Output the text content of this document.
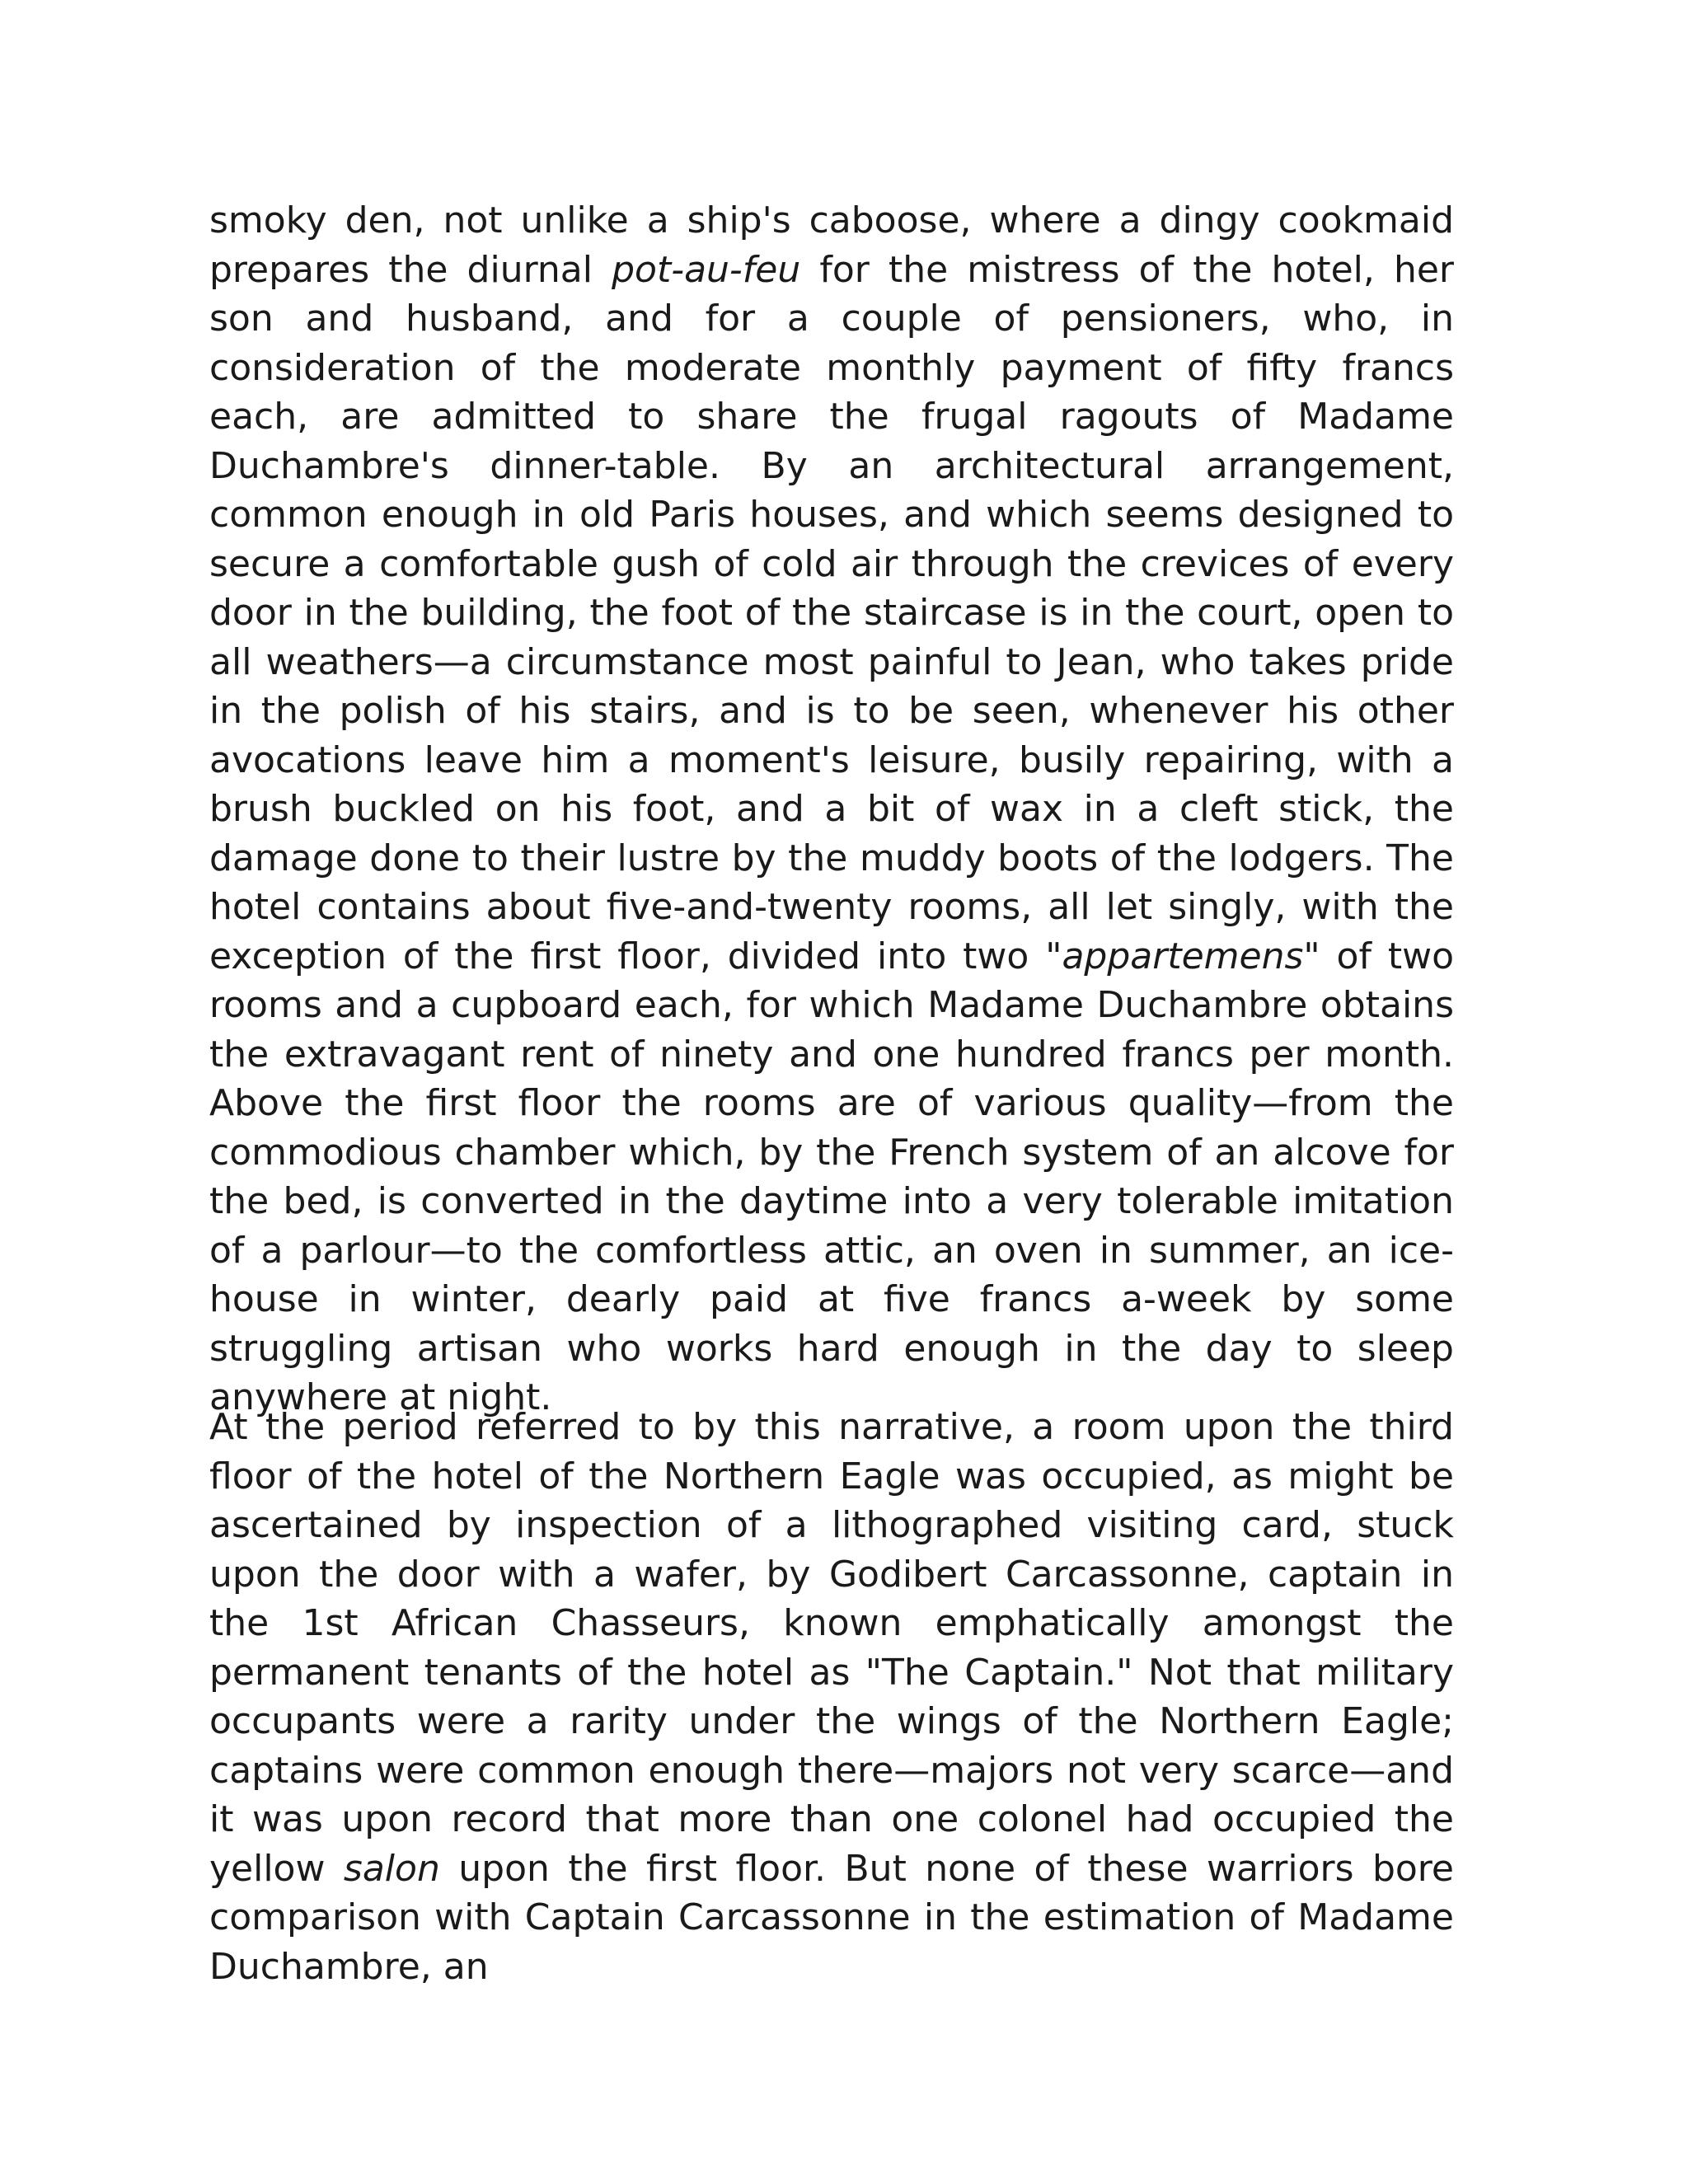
smoky den, not unlike a ship's caboose, where a dingy cookmaid prepares the diurnal pot-au-feu for the mistress of the hotel, her son and husband, and for a couple of pensioners, who, in consideration of the moderate monthly payment of fifty francs each, are admitted to share the frugal ragouts of Madame Duchambre's dinner-table. By an architectural arrangement, common enough in old Paris houses, and which seems designed to secure a comfortable gush of cold air through the crevices of every door in the building, the foot of the staircase is in the court, open to all weathers—a circumstance most painful to Jean, who takes pride in the polish of his stairs, and is to be seen, whenever his other avocations leave him a moment's leisure, busily repairing, with a brush buckled on his foot, and a bit of wax in a cleft stick, the damage done to their lustre by the muddy boots of the lodgers. The hotel contains about five-and-twenty rooms, all let singly, with the exception of the first floor, divided into two "appartemens" of two rooms and a cupboard each, for which Madame Duchambre obtains the extravagant rent of ninety and one hundred francs per month. Above the first floor the rooms are of various quality—from the commodious chamber which, by the French system of an alcove for the bed, is converted in the daytime into a very tolerable imitation of a parlour—to the comfortless attic, an oven in summer, an ice-house in winter, dearly paid at five francs a-week by some struggling artisan who works hard enough in the day to sleep anywhere at night.

At the period referred to by this narrative, a room upon the third floor of the hotel of the Northern Eagle was occupied, as might be ascertained by inspection of a lithographed visiting card, stuck upon the door with a wafer, by Godibert Carcassonne, captain in the 1st African Chasseurs, known emphatically amongst the permanent tenants of the hotel as "The Captain." Not that military occupants were a rarity under the wings of the Northern Eagle; captains were common enough there—majors not very scarce—and it was upon record that more than one colonel had occupied the yellow salon upon the first floor. But none of these warriors bore comparison with Captain Carcassonne in the estimation of Madame Duchambre, an
